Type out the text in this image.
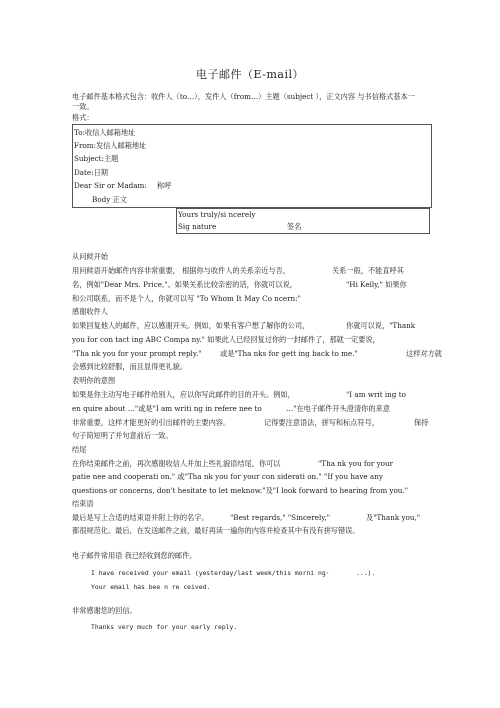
电子邮件（E-mail）
电子邮件基本格式包含：收件人（to…），发件人（from…）主题（subject ），正文内容 与书信格式基本一
一致。
格式：
To:收信人邮箱地址
From:发信人邮箱地址
Subject:主题
Date:日期
Dear Sir or Madam: 称呼
Body 正文
Yours truly/si ncerely
Sig nature	签名
从问候开始
用问候语开始邮件内容非常重要， 根据你与收件人的关系亲近与否，	关系一般，不能直呼其
名，例如"Dear Mrs. Price,"。如果关系比较亲密的话，你就可以说，	"Hi Kelly," 如果你
和公司联系，而不是个人，你就可以写 "To Whom It May Co ncern:"
感谢收件人
如果回复他人的邮件，应以感谢开头。例如，如果有客户想了解你的公司，	你就可以说，"Thank
you for con tact ing ABC Compa ny." 如果此人已经回复过你的一封邮件了，那就一定要说，
"Tha nk you for your prompt reply."	或是"Tha nks for gett ing back to me."	这样对方就
会感到比较舒服，而且显得更礼貌。
表明你的意图
如果是你主动写电子邮件给别人，应以你写此邮件的目的开头。例如，	"I am writ ing to
en quire about …"或是"I am writi ng in refere nee to	…"在电子邮件开头澄清你的来意
非常重要，这样才能更好的引出邮件的主要内容。	记得要注意语法，拼写和标点符号，	保持
句子简短明了并句意前后一致。
结尾
在你结束邮件之前，再次感谢收信人并加上些礼貌语结尾，你可以	"Tha nk you for your
patie nee and cooperati on." 或"Tha nk you for your con siderati on." "If you have any
questions or concerns, don't hesitate to let meknow."及"I look forward to hearing from you."
结束语
最后是写上合适的结束语并附上你的名字。	"Best regards," "Sincerely,"	及"Thank you,"
都很规范化。最后，在发送邮件之前，最好再读一遍你的内容并检查其中有没有拼写错误。
电子邮件常用语 我已经收到您的邮件。
I have received your email (yesterday/last week/this morni ng·	...).
Your email has bee n re ceived.
非常感谢您的回信。
Thanks very much for your early reply.
